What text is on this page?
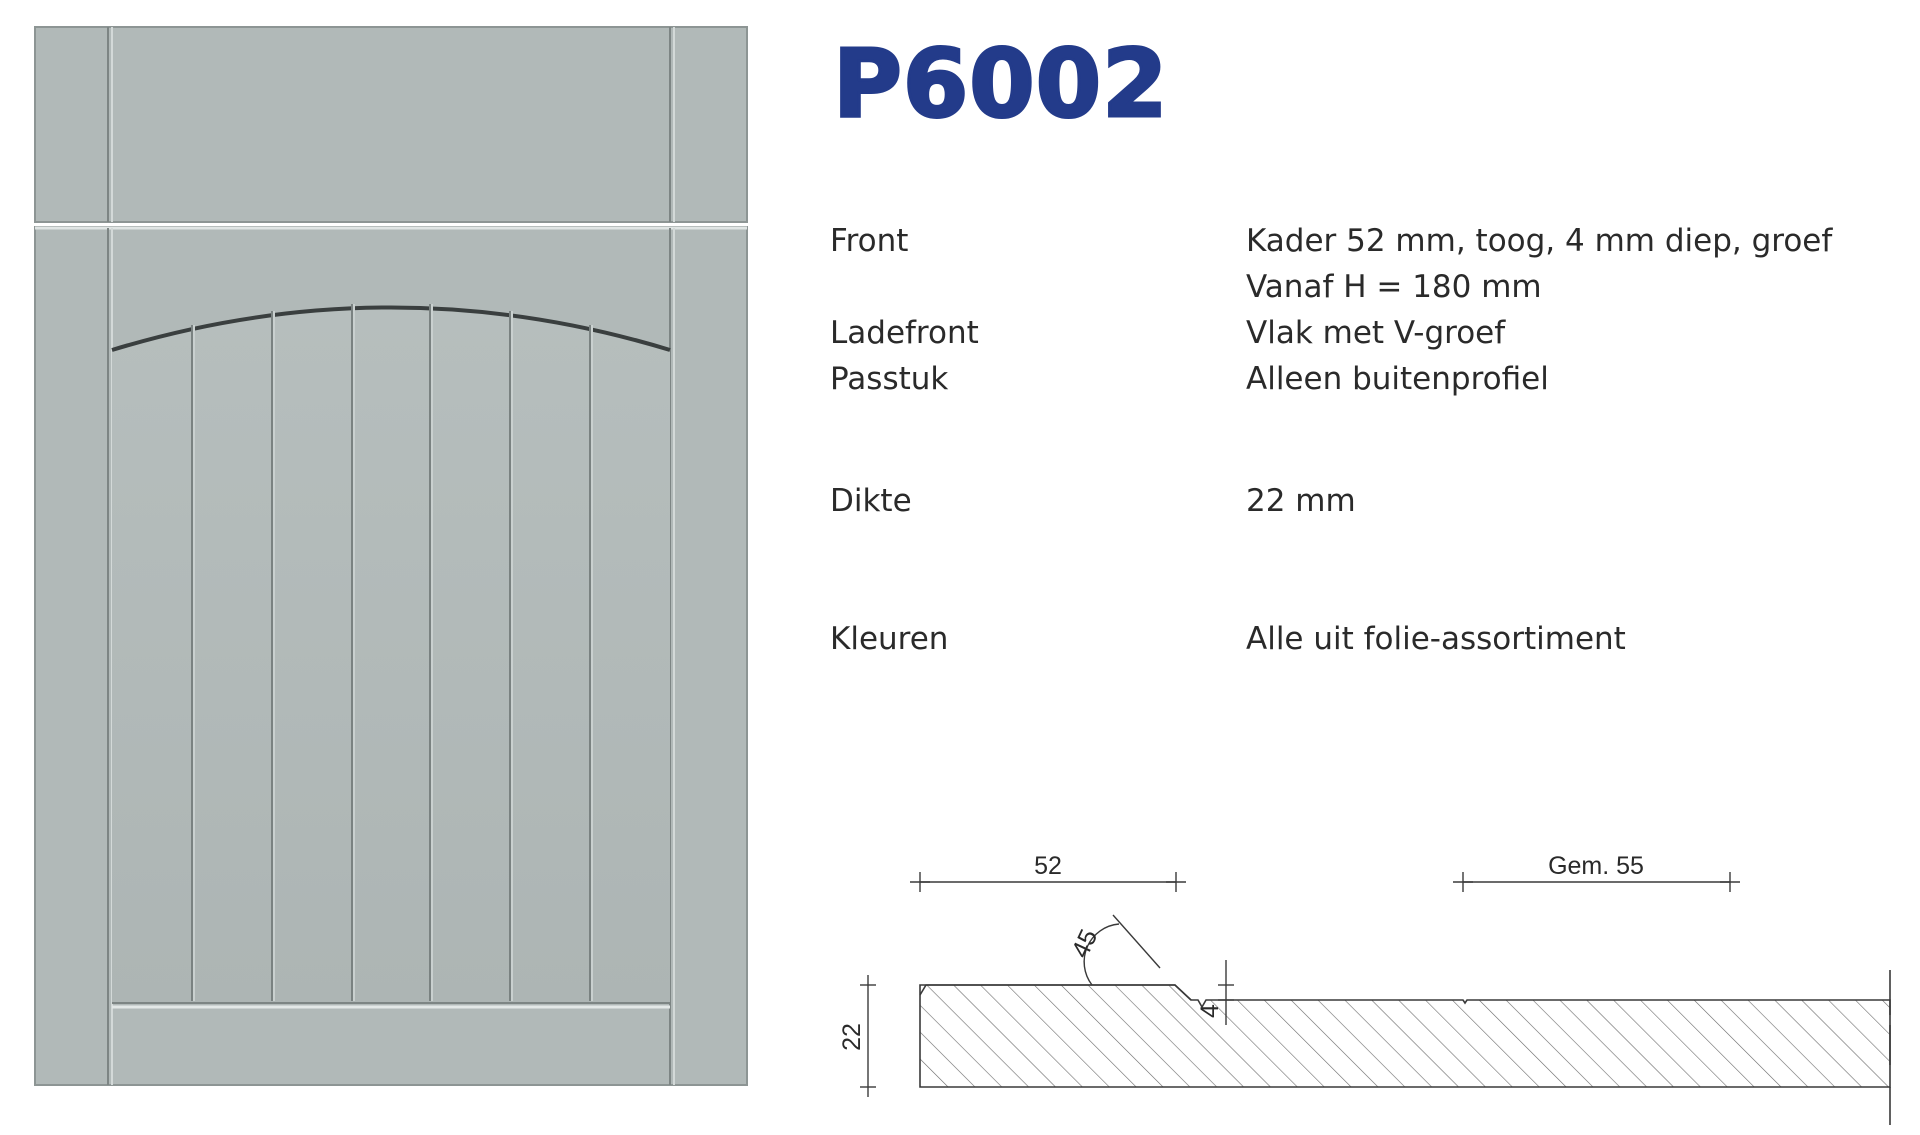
P6002
Front	Kader 52 mm, toog, 4 mm diep, groef
Vanaf H = 180 mm
Ladefront	Vlak met V-groef
Passtuk	Alleen buitenprofiel
Dikte	22 mm
Kleuren	Alle uit folie-assortiment
52	Gem. 55
45
4
22
